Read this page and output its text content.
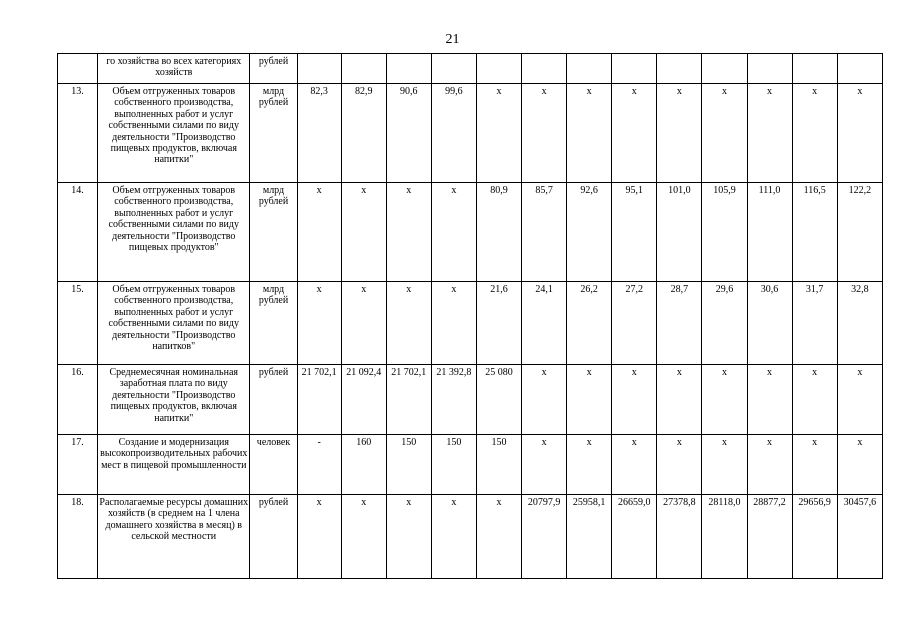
21
	го хозяйства во всех категориях хозяйств	рублей													
13.	Объем отгруженных товаров собственного производства, выполненных работ и услуг собственными силами по виду деятельности "Производство пищевых продуктов, включая напитки"	млрд рублей	82,3	82,9	90,6	99,6	x	x	x	x	x	x	x	x	x
14.	Объем отгруженных товаров собственного производства, выполненных работ и услуг собственными силами по виду деятельности "Производство пищевых продуктов"	млрд рублей	x	x	x	x	80,9	85,7	92,6	95,1	101,0	105,9	111,0	116,5	122,2
15.	Объем отгруженных товаров собственного производства, выполненных работ и услуг собственными силами по виду деятельности "Производство напитков"	млрд рублей	x	x	x	x	21,6	24,1	26,2	27,2	28,7	29,6	30,6	31,7	32,8
16.	Среднемесячная номинальная заработная плата по виду деятельности "Производство пищевых продуктов, включая напитки"	рублей	21 702,1	21 092,4	21 702,1	21 392,8	25 080	x	x	x	x	x	x	x	x
17.	Создание и модернизация высокопроизводительных рабочих мест в пищевой промышленности	человек	-	160	150	150	150	x	x	x	x	x	x	x	x
18.	Располагаемые ресурсы домашних хозяйств (в среднем на 1 члена домашнего хозяйства в месяц) в сельской местности	рублей	x	x	x	x	x	20797,9	25958,1	26659,0	27378,8	28118,0	28877,2	29656,9	30457,6
